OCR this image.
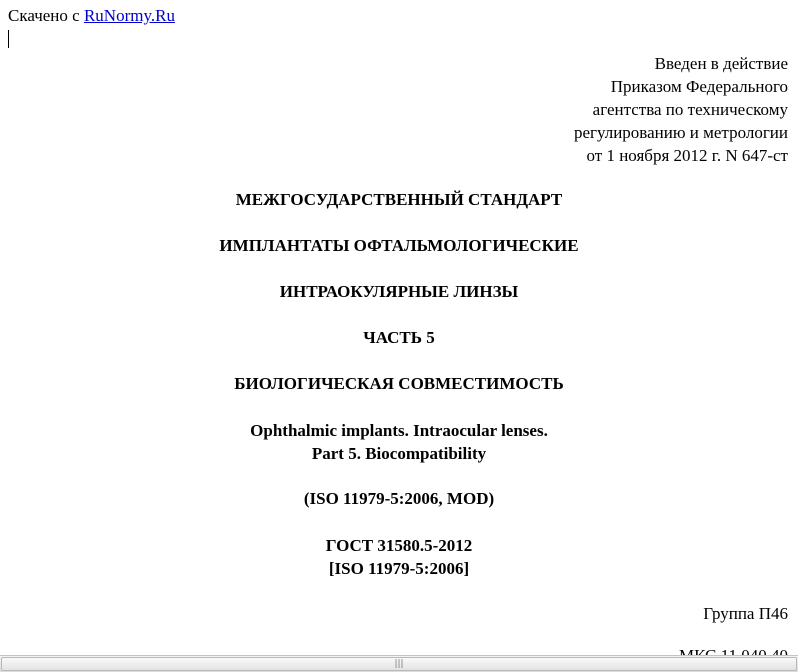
Скачено с RuNormy.Ru
Введен в действие
Приказом Федерального
агентства по техническому
регулированию и метрологии
от 1 ноября 2012 г. N 647-ст
МЕЖГОСУДАРСТВЕННЫЙ СТАНДАРТ
ИМПЛАНТАТЫ ОФТАЛЬМОЛОГИЧЕСКИЕ
ИНТРАОКУЛЯРНЫЕ ЛИНЗЫ
ЧАСТЬ 5
БИОЛОГИЧЕСКАЯ СОВМЕСТИМОСТЬ
Ophthalmic implants. Intraocular lenses.
Part 5. Biocompatibility
(ISO 11979-5:2006, MOD)
ГОСТ 31580.5-2012
[ISO 11979-5:2006]
Группа П46
|||
